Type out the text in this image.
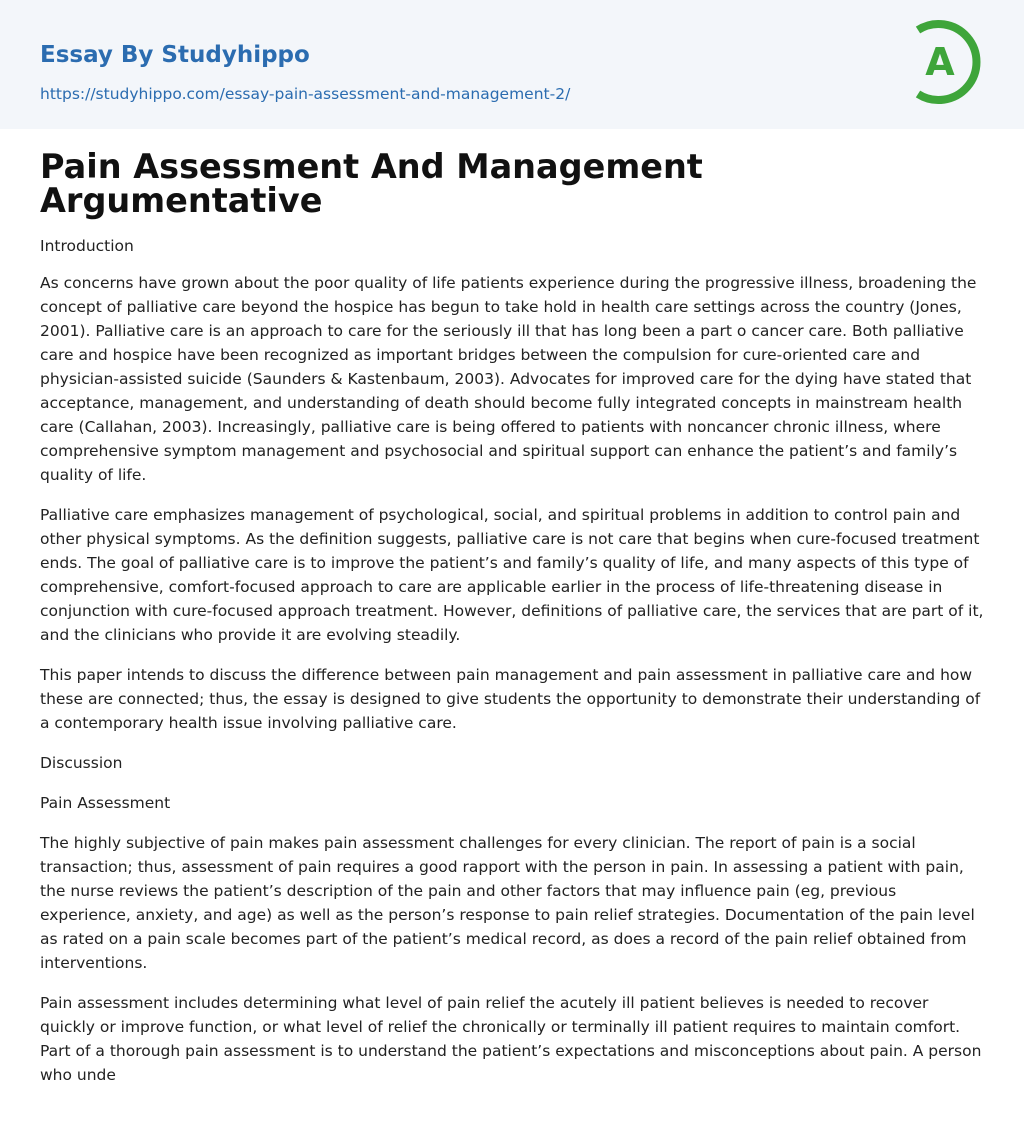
Essay By Studyhippo
https://studyhippo.com/essay-pain-assessment-and-management-2/
A
Pain Assessment And Management Argumentative
Introduction

As concerns have grown about the poor quality of life patients experience during the progressive illness, broadening the concept of palliative care beyond the hospice has begun to take hold in health care settings across the country (Jones, 2001). Palliative care is an approach to care for the seriously ill that has long been a part o cancer care. Both palliative care and hospice have been recognized as important bridges between the compulsion for cure-oriented care and physician-assisted suicide (Saunders & Kastenbaum, 2003). Advocates for improved care for the dying have stated that acceptance, management, and understanding of death should become fully integrated concepts in mainstream health care (Callahan, 2003). Increasingly, palliative care is being offered to patients with noncancer chronic illness, where comprehensive symptom management and psychosocial and spiritual support can enhance the patient’s and family’s quality of life.

Palliative care emphasizes management of psychological, social, and spiritual problems in addition to control pain and other physical symptoms. As the definition suggests, palliative care is not care that begins when cure-focused treatment ends. The goal of palliative care is to improve the patient’s and family’s quality of life, and many aspects of this type of comprehensive, comfort-focused approach to care are applicable earlier in the process of life-threatening disease in conjunction with cure-focused approach treatment. However, definitions of palliative care, the services that are part of it, and the clinicians who provide it are evolving steadily.

This paper intends to discuss the difference between pain management and pain assessment in palliative care and how these are connected; thus, the essay is designed to give students the opportunity to demonstrate their understanding of a contemporary health issue involving palliative care.

Discussion
Pain Assessment

The highly subjective of pain makes pain assessment challenges for every clinician. The report of pain is a social transaction; thus, assessment of pain requires a good rapport with the person in pain. In assessing a patient with pain, the nurse reviews the patient’s description of the pain and other factors that may influence pain (eg, previous experience, anxiety, and age) as well as the person’s response to pain relief strategies. Documentation of the pain level as rated on a pain scale becomes part of the patient’s medical record, as does a record of the pain relief obtained from interventions.

Pain assessment includes determining what level of pain relief the acutely ill patient believes is needed to recover quickly or improve function, or what level of relief the chronically or terminally ill patient requires to maintain comfort. Part of a thorough pain assessment is to understand the patient’s expectations and misconceptions about pain. A person who unde
